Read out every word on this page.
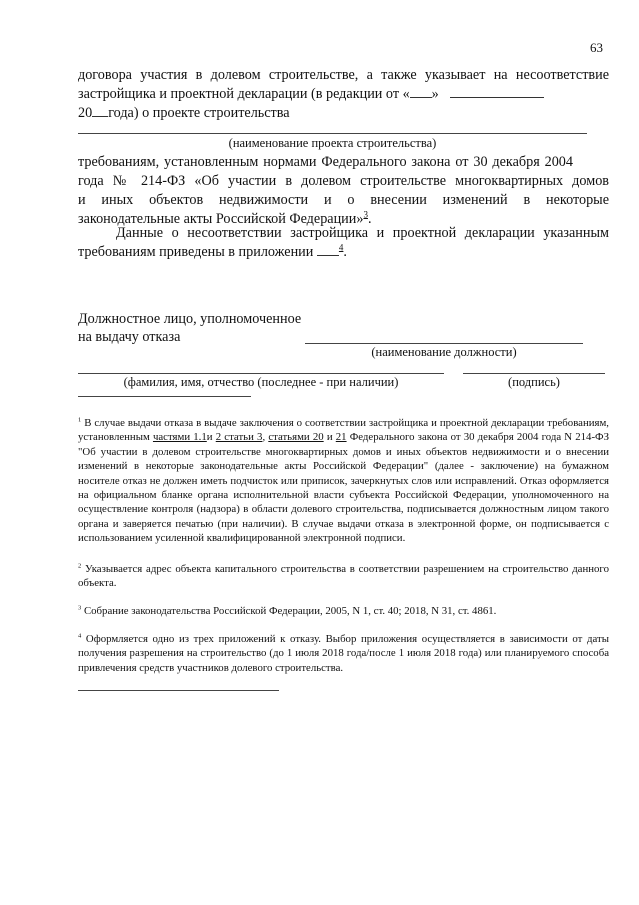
63
договора участия в долевом строительстве, а также указывает на несоответствие
застройщика и проектной декларации (в редакции от « »
20 года) о проекте строительства
(наименование проекта строительства)
требованиям, установленным нормами Федерального закона от 30 декабря 2004
года № 214-ФЗ «Об участии в долевом строительстве многоквартирных домов
и иных объектов недвижимости и о внесении изменений в некоторые
законодательные акты Российской Федерации»$^3$.
Данные о несоответствии застройщика и проектной декларации указанным
требованиям приведены в приложении $^4$.
Должностное лицо, уполномоченное
на выдачу отказа
(наименование должности)
(фамилия, имя, отчество (последнее - при наличии)	(подпись)
$^1$ В случае выдачи отказа в выдаче заключения о соответствии застройщика и проектной декларации требованиям, установленным частями 1.1и 2 статьи 3, статьями 20 и 21 Федерального закона от 30 декабря 2004 года N 214-ФЗ "Об участии в долевом строительстве многоквартирных домов и иных объектов недвижимости и о внесении изменений в некоторые законодательные акты Российской Федерации" (далее - заключение) на бумажном носителе отказ не должен иметь подчисток или приписок, зачеркнутых слов или исправлений. Отказ оформляется на официальном бланке органа исполнительной власти субъекта Российской Федерации, уполномоченного на осуществление контроля (надзора) в области долевого строительства, подписывается должностным лицом такого органа и заверяется печатью (при наличии). В случае выдачи отказа в электронной форме, он подписывается с использованием усиленной квалифицированной электронной подписи.
$^2$ Указывается адрес объекта капитального строительства в соответствии разрешением на строительство данного объекта.
$^3$ Собрание законодательства Российской Федерации, 2005, N 1, ст. 40; 2018, N 31, ст. 4861.
$^4$ Оформляется одно из трех приложений к отказу. Выбор приложения осуществляется в зависимости от даты получения разрешения на строительство (до 1 июля 2018 года/после 1 июля 2018 года) или планируемого способа привлечения средств участников долевого строительства.
